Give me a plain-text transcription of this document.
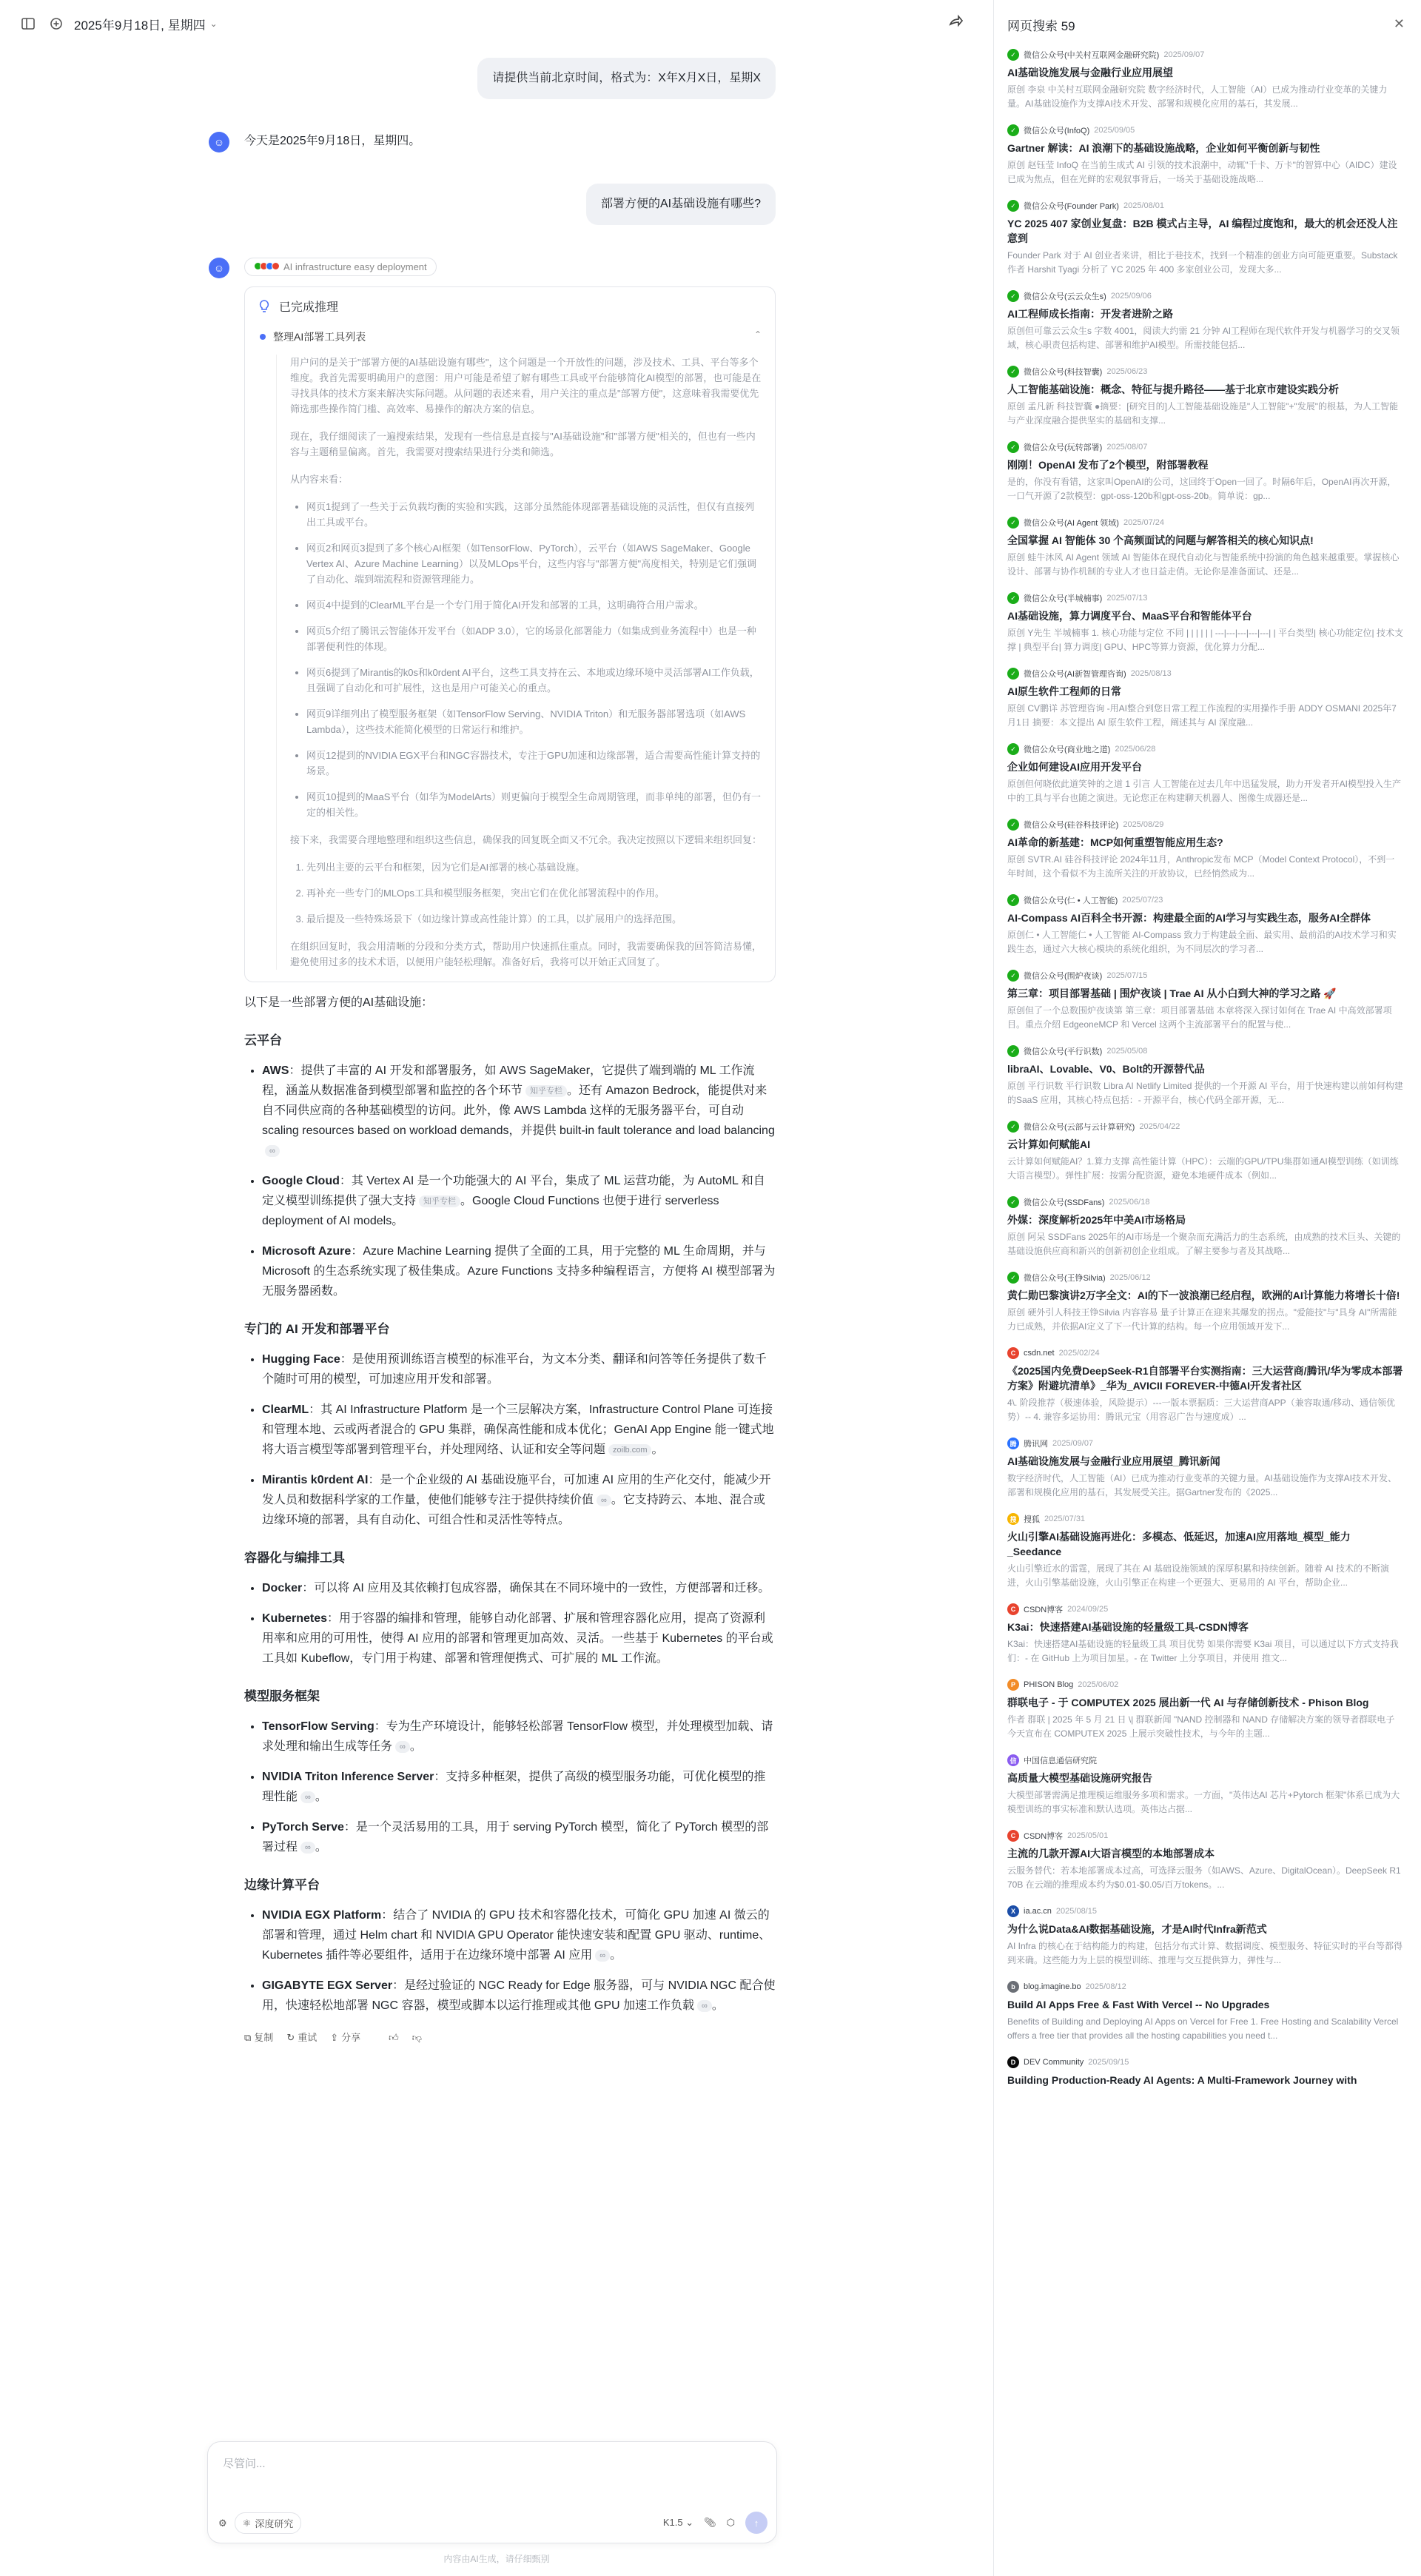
2025年9月18日, 星期四 ⌄
请提供当前北京时间，格式为：X年X月X日，星期X
☺	今天是2025年9月18日，星期四。
部署方便的AI基础设施有哪些?
☺	AI infrastructure easy deployment
已完成推理
整理AI部署工具列表	⌃

用户问的是关于"部署方便的AI基础设施有哪些"，这个问题是一个开放性的问题，涉及技术、工具、平台等多个维度。我首先需要明确用户的意图：用户可能是希望了解有哪些工具或平台能够简化AI模型的部署，也可能是在寻找具体的技术方案来解决实际问题。从问题的表述来看，用户关注的重点是"部署方便"，这意味着我需要优先筛选那些操作简门槛、高效率、易操作的解决方案的信息。

现在，我仔细阅读了一遍搜索结果，发现有一些信息是直接与"AI基础设施"和"部署方便"相关的，但也有一些内容与主题稍显偏离。首先，我需要对搜索结果进行分类和筛选。

从内容来看：

• 网页1提到了一些关于云负载均衡的实验和实践，这部分虽然能体现部署基础设施的灵活性，但仅有直接列出工具或平台。
• 网页2和网页3提到了多个核心AI框架（如TensorFlow、PyTorch），云平台（如AWS SageMaker、Google Vertex AI、Azure Machine Learning）以及MLOps平台，这些内容与"部署方便"高度相关，特别是它们强调了自动化、端到端流程和资源管理能力。
• 网页4中提到的ClearML平台是一个专门用于简化AI开发和部署的工具，这明确符合用户需求。
• 网页5介绍了腾讯云智能体开发平台（如ADP 3.0），它的场景化部署能力（如集成到业务流程中）也是一种部署便利性的体现。
• 网页6提到了Mirantis的k0s和k0rdent AI平台，这些工具支持在云、本地或边缘环境中灵活部署AI工作负载，且强调了自动化和可扩展性，这也是用户可能关心的重点。
• 网页9详细列出了模型服务框架（如TensorFlow Serving、NVIDIA Triton）和无服务器部署选项（如AWS Lambda），这些技术能简化模型的日常运行和维护。
• 网页12提到的NVIDIA EGX平台和NGC容器技术，专注于GPU加速和边缘部署，适合需要高性能计算支持的场景。
• 网页10提到的MaaS平台（如华为ModelArts）则更偏向于模型全生命周期管理，而非单纯的部署，但仍有一定的相关性。

接下来，我需要合理地整理和组织这些信息，确保我的回复既全面又不冗余。我决定按照以下逻辑来组织回复：

1. 先列出主要的云平台和框架，因为它们是AI部署的核心基础设施。
2. 再补充一些专门的MLOps工具和模型服务框架，突出它们在优化部署流程中的作用。
3. 最后提及一些特殊场景下（如边缘计算或高性能计算）的工具，以扩展用户的选择范围。

在组织回复时，我会用清晰的分段和分类方式，帮助用户快速抓住重点。同时，我需要确保我的回答简洁易懂，避免使用过多的技术术语，以便用户能轻松理解。准备好后，我将可以开始正式回复了。

以下是一些部署方便的AI基础设施：
云平台
• AWS：提供了丰富的 AI 开发和部署服务，如 AWS SageMaker，它提供了端到端的 ML 工作流程，涵盖从数据准备到模型部署和监控的各个环节 知乎专栏 。还有 Amazon Bedrock，能提供对来自不同供应商的各种基础模型的访问。此外，像 AWS Lambda 这样的无服务器平台，可自动 scaling resources based on workload demands，并提供 built-in fault tolerance and load balancing∞
• Google Cloud：其 Vertex AI 是一个功能强大的 AI 平台，集成了 ML 运营功能，为 AutoML 和自定义模型训练提供了强大支持 知乎专栏 。Google Cloud Functions 也便于进行 serverless deployment of AI models。
• Microsoft Azure：Azure Machine Learning 提供了全面的工具，用于完整的 ML 生命周期，并与 Microsoft 的生态系统实现了极佳集成。Azure Functions 支持多种编程语言，方便将 AI 模型部署为无服务器函数。
专门的 AI 开发和部署平台
• Hugging Face：是使用预训练语言模型的标准平台，为文本分类、翻译和问答等任务提供了数千个随时可用的模型，可加速应用开发和部署。
• ClearML：其 AI Infrastructure Platform 是一个三层解决方案，Infrastructure Control Plane 可连接和管理本地、云或两者混合的 GPU 集群，确保高性能和成本优化；GenAI App Engine 能一键式地将大语言模型等部署到管理平台，并处理网络、认证和安全等问题 zoilb.com 。
• Mirantis k0rdent AI：是一个企业级的 AI 基础设施平台，可加速 AI 应用的生产化交付，能减少开发人员和数据科学家的工作量，使他们能够专注于提供持续价值 ∞ 。它支持跨云、本地、混合或边缘环境的部署，具有自动化、可组合性和灵活性等特点。
容器化与编排工具
• Docker：可以将 AI 应用及其依赖打包成容器，确保其在不同环境中的一致性，方便部署和迁移。
• Kubernetes：用于容器的编排和管理，能够自动化部署、扩展和管理容器化应用，提高了资源利用率和应用的可用性，使得 AI 应用的部署和管理更加高效、灵活。一些基于 Kubernetes 的平台或工具如 Kubeflow，专门用于构建、部署和管理便携式、可扩展的 ML 工作流。
模型服务框架
• TensorFlow Serving：专为生产环境设计，能够轻松部署 TensorFlow 模型，并处理模型加载、请求处理和输出生成等任务 ∞ 。
• NVIDIA Triton Inference Server：支持多种框架，提供了高级的模型服务功能，可优化模型的推理性能 ∞ 。
• PyTorch Serve：是一个灵活易用的工具，用于 serving PyTorch 模型，简化了 PyTorch 模型的部署过程 ∞ 。
边缘计算平台
• NVIDIA EGX Platform：结合了 NVIDIA 的 GPU 技术和容器化技术，可简化 GPU 加速 AI 微云的部署和管理，通过 Helm chart 和 NVIDIA GPU Operator 能快速安装和配置 GPU 驱动、runtime、Kubernetes 插件等必要组件，适用于在边缘环境中部署 AI 应用 ∞ 。
• GIGABYTE EGX Server：是经过验证的 NGC Ready for Edge 服务器，可与 NVIDIA NGC 配合使用，快速轻松地部署 NGC 容器，模型或脚本以运行推理或其他 GPU 加速工作负载 ∞ 。
⧉ 复制 ↻ 重试 ⇪ 分享	👍︎ 👎︎
尽管问...
⚙︎ ⚛︎ 深度研究	K1.5 ⌄ 📎︎ ⬡	↑
内容由AI生成，请仔细甄别
网页搜索 59	✕
✓ 微信公众号(中关村互联网金融研究院) 2025/09/07
AI基础设施发展与金融行业应用展望
原创 李泉 中关村互联网金融研究院 数字经济时代，人工智能（AI）已成为推动行业变革的关键力量。AI基础设施作为支撑AI技术开发、部署和规模化应用的基石，其发展...
✓ 微信公众号(InfoQ) 2025/09/05
Gartner 解读：AI 浪潮下的基础设施战略，企业如何平衡创新与韧性
原创 赵钰莹 InfoQ 在当前生成式 AI 引领的技术浪潮中，动辄"千卡、万卡"的智算中心（AIDC）建设已成为焦点，但在光鲜的宏观叙事背后，一场关于基础设施战略...
✓ 微信公众号(Founder Park) 2025/08/01
YC 2025 407 家创业复盘：B2B 模式占主导，AI 编程过度饱和，最大的机会还没人注意到
Founder Park 对于 AI 创业者来讲，相比于巷技术，找到一个精准的创业方向可能更重要。Substack 作者 Harshit Tyagi 分析了 YC 2025 年 400 多家创业公司，发现大多...
✓ 微信公众号(云云众生s) 2025/09/06
AI工程师成长指南：开发者进阶之路
原创但可靠云云众生s 字数 4001，阅读大约需 21 分钟 AI工程师在现代软件开发与机器学习的交叉领域，核心职责包括构建、部署和维护AI模型。所需技能包括...
✓ 微信公众号(科技智囊) 2025/06/23
人工智能基础设施：概念、特征与提升路径——基于北京市建设实践分析
原创 孟凡新 科技智囊 ●摘要：[研究目的]人工智能基础设施是"人工智能"+"发展"的根基，为人工智能与产业深度融合提供坚实的基础和支撑...
✓ 微信公众号(玩转部署) 2025/08/07
刚刚！OpenAI 发布了2个模型，附部署教程
是的，你没有看错，这家叫OpenAI的公司，这回终于Open一回了。时隔6年后，OpenAI再次开源，一口气开源了2款模型：gpt-oss-120b和gpt-oss-20b。简单说：gp...
✓ 微信公众号(AI Agent 领域) 2025/07/24
全国掌握 AI 智能体 30 个高频面试的问题与解答相关的核心知识点!
原创 蛙牛沐风 AI Agent 领域 AI 智能体在现代自动化与智能系统中扮演的角色越来越重要。掌握核心设计、部署与协作机制的专业人才也日益走俏。无论你是准备面试、还是...
✓ 微信公众号(半城楠事) 2025/07/13
AI基础设施，算力调度平台、MaaS平台和智能体平台
原创 Y先生 半城楠事 1. 核心功能与定位 不同 | | | | | | ---|---|---|---|---| | 平台类型| 核心功能定位| 技术支撑 | 典型平台| 算力调度| GPU、HPC等算力资源，优化算力分配...
✓ 微信公众号(AI新智管理咨询) 2025/08/13
AI原生软件工程师的日常
原创 CV鹏详 苏管理咨询 -用AI整合到您日常工程工作流程的实用操作手册 ADDY OSMANI 2025年7月1日 摘要：本文提出 AI 原生软件工程，阐述其与 AI 深度融...
✓ 微信公众号(商业地之道) 2025/06/28
企业如何建设AI应用开发平台
原创但何晓依此道笑钟的之道 1 引言 人工智能在过去几年中迅猛发展，助力开发者开AI模型投入生产中的工具与平台也随之演进。无论您正在构建聊天机器人、图像生成器还是...
✓ 微信公众号(硅谷科技评论) 2025/08/29
AI革命的新基建：MCP如何重塑智能应用生态?
原创 SVTR.AI 硅谷科技评论 2024年11月，Anthropic发布 MCP（Model Context Protocol），不到一年时间，这个看似不为主流所关注的开放协议，已经悄然成为...
✓ 微信公众号(仁 • 人工智能) 2025/07/23
AI-Compass AI百科全书开源：构建最全面的AI学习与实践生态，服务AI全群体
原创仁 • 人工智能仁 • 人工智能 AI-Compass 致力于构建最全面、最实用、最前沿的AI技术学习和实践生态，通过六大核心模块的系统化组织，为不同层次的学习者...
✓ 微信公众号(围炉夜谈) 2025/07/15
第三章：项目部署基础 | 围炉夜谈 | Trae AI 从小白到大神的学习之路 🚀
原创但了一个总数围炉夜谈第 第三章：项目部署基础 本章将深入探讨如何在 Trae AI 中高效部署项目。重点介绍 EdgeoneMCP 和 Vercel 这两个主流部署平台的配置与使...
✓ 微信公众号(平行识数) 2025/05/08
libraAI、Lovable、V0、Bolt的开源替代品
原创 平行识数 平行识数 Libra AI Netlify Limited 提供的一个开源 AI 平台，用于快速构建以前如何构建的SaaS 应用，其核心特点包括：- 开源平台，核心代码全部开源，无...
✓ 微信公众号(云部与云计算研究) 2025/04/22
云计算如何赋能AI
云计算如何赋能AI？1.算力支撑 高性能计算（HPC）：云端的GPU/TPU集群如通AI模型训练（如训练大语言模型）。弹性扩展：按需分配资源，避免本地硬件成本（例如...
✓ 微信公众号(SSDFans) 2025/06/18
外媒：深度解析2025年中美AI市场格局
原创 阿呆 SSDFans 2025年的AI市场是一个聚杂而充满活力的生态系统，由成熟的技术巨头、关键的基础设施供应商和新兴的创新初创企业组成。了解主要参与者及其战略...
✓ 微信公众号(王铮Silvia) 2025/06/12
黄仁勋巴黎演讲2万字全文：AI的下一波浪潮已经启程，欧洲的AI计算能力将增长十倍!
原创 硬外引人科技王铮Silvia 内容容易 量子计算正在迎来其爆发的拐点。"爱能技"与"具身 AI"所需能力已成熟，并依据AI定义了下一代计算的结构。每一个应用领域开发下...
C csdn.net 2025/02/24
《2025国内免费DeepSeek-R1自部署平台实测指南：三大运营商/腾讯/华为零成本部署方案》附避坑清单》_华为_AVICII FOREVER-中德AI开发者社区
4\. 阶段推荐（极速体验，风险提示）---一版本票据质：三大运营商APP（兼容取通/移动、通信领优势）-- 4. 兼容多运协用：腾讯元宝（用容忍广告与速度成）...
腾 腾讯网 2025/09/07
AI基础设施发展与金融行业应用展望_腾讯新闻
数字经济时代，人工智能（AI）已成为推动行业变革的关键力量。AI基础设施作为支撑AI技术开发、部署和规模化应用的基石，其发展受关注。据Gartner发布的《2025...
搜 搜狐 2025/07/31
火山引擎AI基础设施再进化：多模态、低延迟，加速AI应用落地_模型_能力_Seedance
火山引擎近水的雷霆，展现了其在 AI 基础设施领域的深厚积累和持续创新。随着 AI 技术的不断演进，火山引擎基础设施，火山引擎正在构建一个更强大、更易用的 AI 平台，帮助企业...
C CSDN博客 2024/09/25
K3ai：快速搭建AI基础设施的轻量级工具-CSDN博客
K3ai：快速搭建AI基础设施的轻量级工具 项目优势 如果你需要 K3ai 项目，可以通过以下方式支持我们：- 在 GitHub 上为项目加星。- 在 Twitter 上分享项目，并使用 推文...
P	PHISON Blog 2025/06/02
群联电子 - 于 COMPUTEX 2025 展出新一代 AI 与存储创新技术 - Phison Blog
作者 群联 | 2025 年 5 月 21 日 \| 群联新闻 "NAND 控制器和 NAND 存储解决方案的领导者群联电子今天宣布在 COMPUTEX 2025 上展示突破性技术，与今年的主题...
信 中国信息通信研究院
高质量大模型基础设施研究报告
大模型部署需满足推理模运维服务多项和需求。一方面，"英伟达AI 芯片+Pytorch 框架"体系已成为大模型训练的事实标准和默认选项。英伟达占据...
C CSDN博客 2025/05/01
主流的几款开源AI大语言模型的本地部署成本
云服务替代：若本地部署成本过高，可选择云服务（如AWS、Azure、DigitalOcean）。DeepSeek R1 70B 在云端的推理成本约为$0.01-$0.05/百万tokens。...
X	ia.ac.cn 2025/08/15
为什么说Data&AI数据基础设施，才是AI时代Infra新范式
AI Infra 的核心在于结构能力的构建，包括分布式计算、数据调度、模型服务、特征实时的平台等都得到来确。这些能力为上层的模型训练、推理与交互提供算力，弹性与...
b	blog.imagine.bo 2025/08/12
Build AI Apps Free & Fast With Vercel -- No Upgrades
Benefits of Building and Deploying AI Apps on Vercel for Free 1. Free Hosting and Scalability Vercel offers a free tier that provides all the hosting capabilities you need t...
D DEV Community 2025/09/15
Building Production-Ready AI Agents: A Multi-Framework Journey with
